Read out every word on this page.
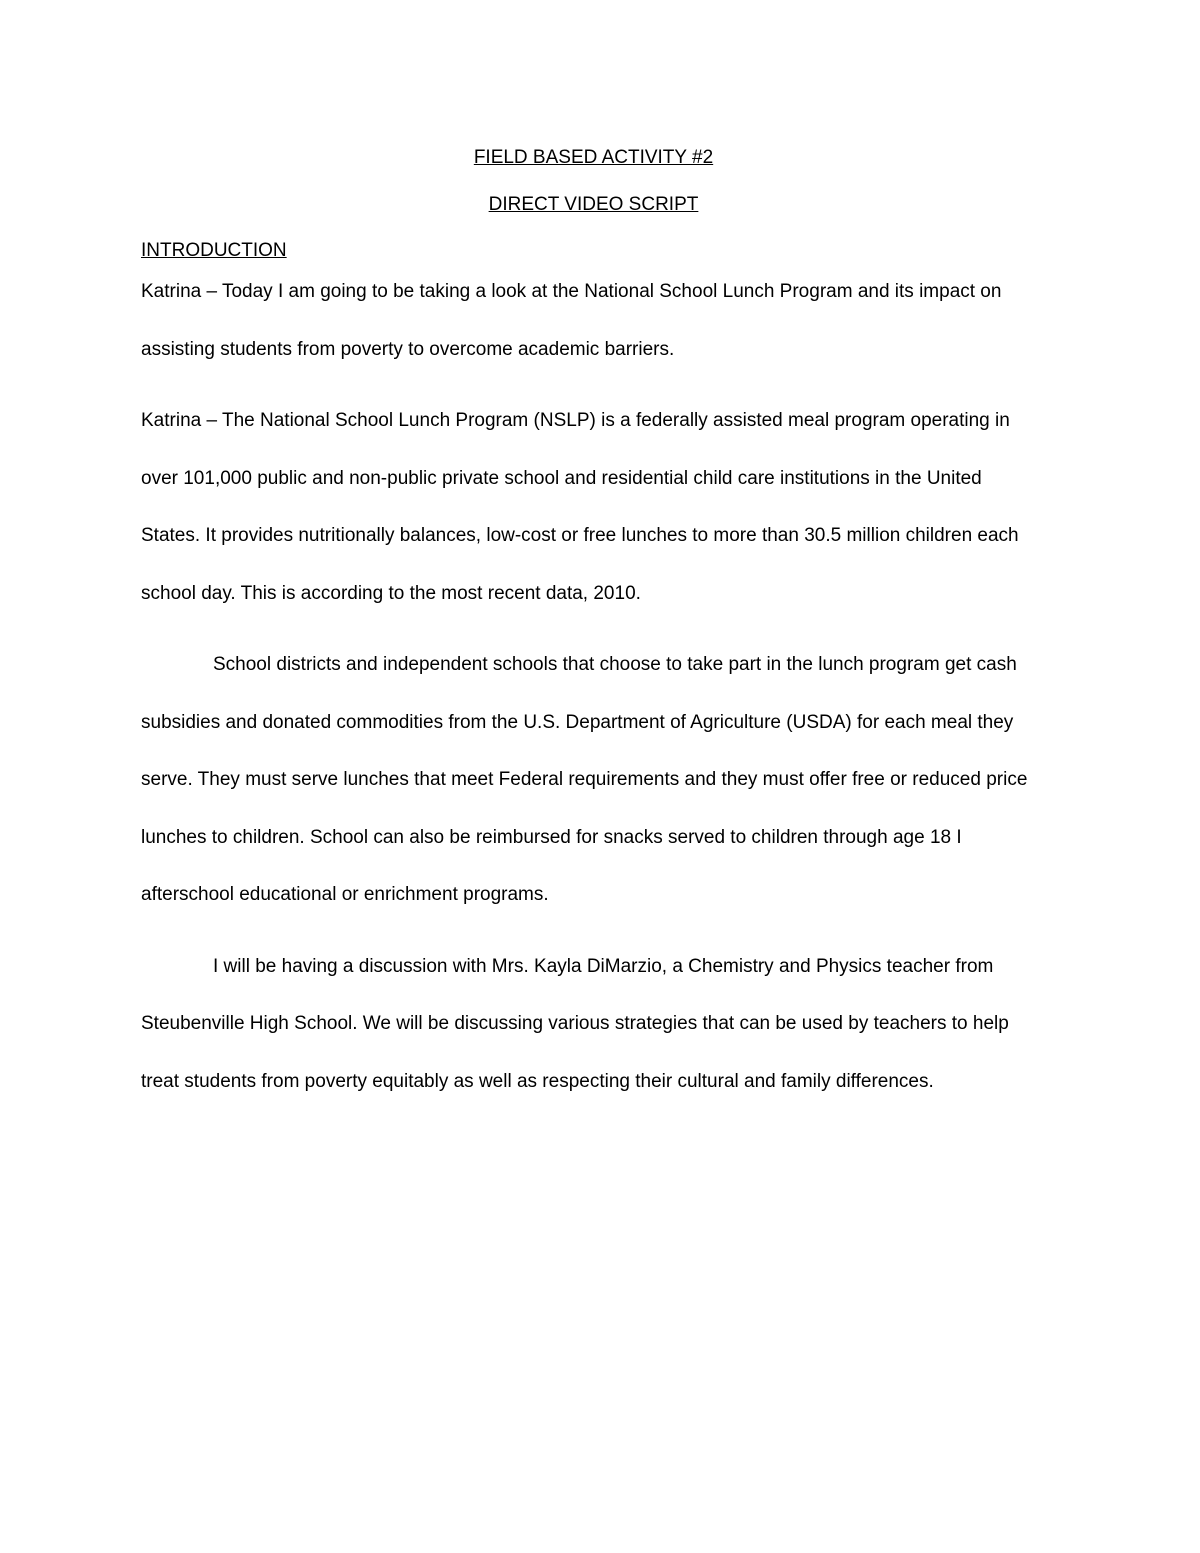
FIELD BASED ACTIVITY #2
DIRECT VIDEO SCRIPT
INTRODUCTION

Katrina – Today I am going to be taking a look at the National School Lunch Program and its impact on assisting students from poverty to overcome academic barriers.

Katrina – The National School Lunch Program (NSLP) is a federally assisted meal program operating in over 101,000 public and non-public private school and residential child care institutions in the United States. It provides nutritionally balances, low-cost or free lunches to more than 30.5 million children each school day. This is according to the most recent data, 2010.

School districts and independent schools that choose to take part in the lunch program get cash subsidies and donated commodities from the U.S. Department of Agriculture (USDA) for each meal they serve. They must serve lunches that meet Federal requirements and they must offer free or reduced price lunches to children. School can also be reimbursed for snacks served to children through age 18 I afterschool educational or enrichment programs.

I will be having a discussion with Mrs. Kayla DiMarzio, a Chemistry and Physics teacher from Steubenville High School. We will be discussing various strategies that can be used by teachers to help treat students from poverty equitably as well as respecting their cultural and family differences.
